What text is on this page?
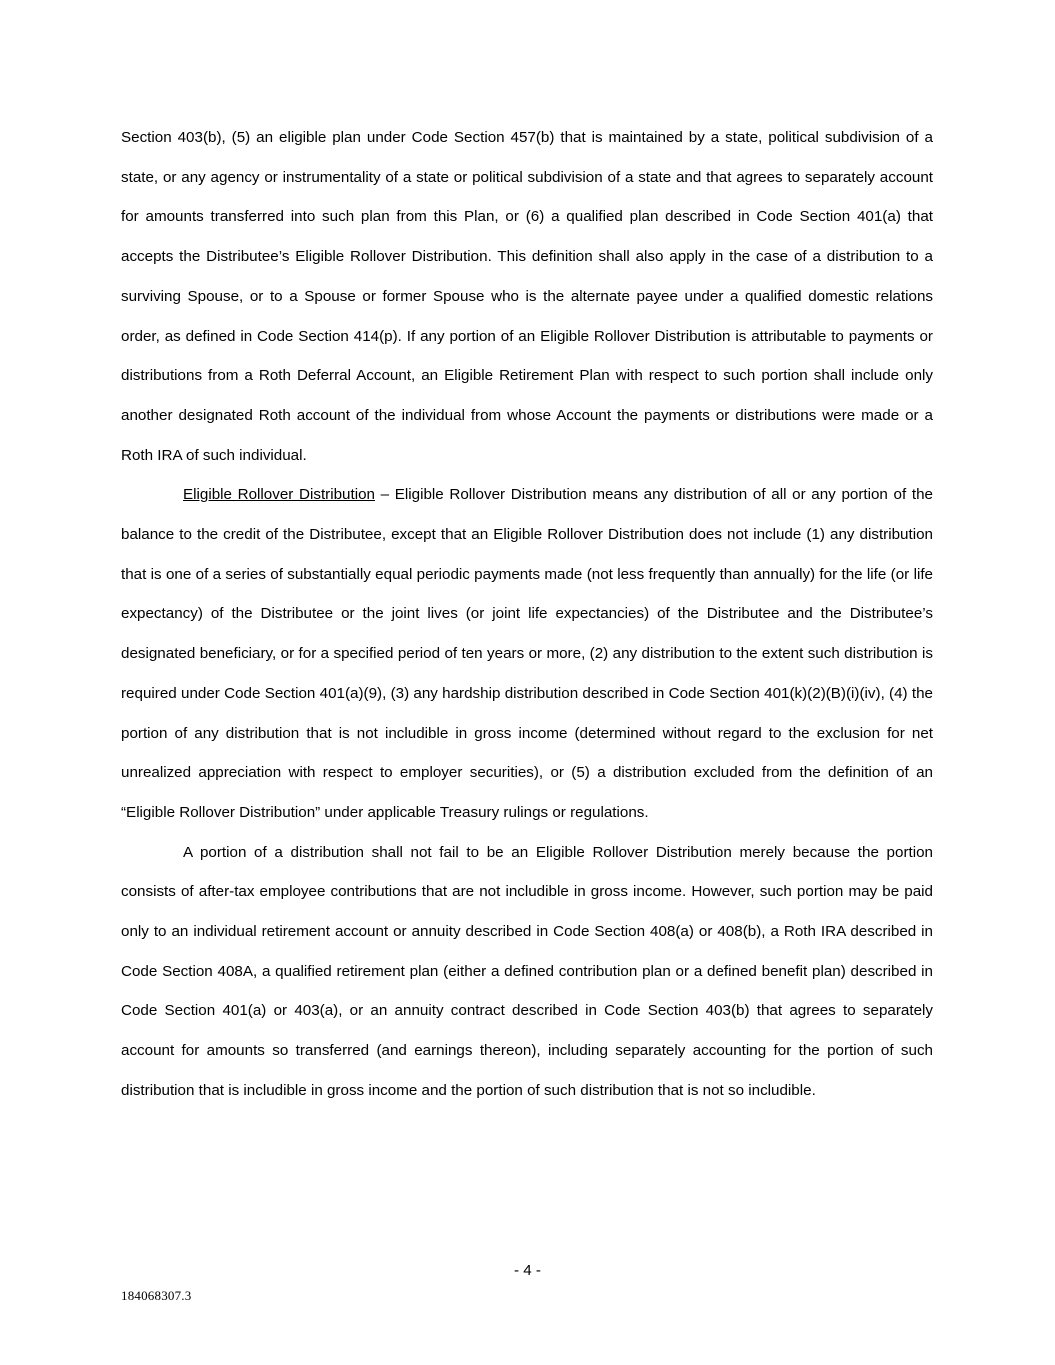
Section 403(b), (5) an eligible plan under Code Section 457(b) that is maintained by a state, political subdivision of a state, or any agency or instrumentality of a state or political subdivision of a state and that agrees to separately account for amounts transferred into such plan from this Plan, or (6) a qualified plan described in Code Section 401(a) that accepts the Distributee’s Eligible Rollover Distribution. This definition shall also apply in the case of a distribution to a surviving Spouse, or to a Spouse or former Spouse who is the alternate payee under a qualified domestic relations order, as defined in Code Section 414(p). If any portion of an Eligible Rollover Distribution is attributable to payments or distributions from a Roth Deferral Account, an Eligible Retirement Plan with respect to such portion shall include only another designated Roth account of the individual from whose Account the payments or distributions were made or a Roth IRA of such individual.

Eligible Rollover Distribution – Eligible Rollover Distribution means any distribution of all or any portion of the balance to the credit of the Distributee, except that an Eligible Rollover Distribution does not include (1) any distribution that is one of a series of substantially equal periodic payments made (not less frequently than annually) for the life (or life expectancy) of the Distributee or the joint lives (or joint life expectancies) of the Distributee and the Distributee’s designated beneficiary, or for a specified period of ten years or more, (2) any distribution to the extent such distribution is required under Code Section 401(a)(9), (3) any hardship distribution described in Code Section 401(k)(2)(B)(i)(iv), (4) the portion of any distribution that is not includible in gross income (determined without regard to the exclusion for net unrealized appreciation with respect to employer securities), or (5) a distribution excluded from the definition of an “Eligible Rollover Distribution” under applicable Treasury rulings or regulations.

A portion of a distribution shall not fail to be an Eligible Rollover Distribution merely because the portion consists of after-tax employee contributions that are not includible in gross income. However, such portion may be paid only to an individual retirement account or annuity described in Code Section 408(a) or 408(b), a Roth IRA described in Code Section 408A, a qualified retirement plan (either a defined contribution plan or a defined benefit plan) described in Code Section 401(a) or 403(a), or an annuity contract described in Code Section 403(b) that agrees to separately account for amounts so transferred (and earnings thereon), including separately accounting for the portion of such distribution that is includible in gross income and the portion of such distribution that is not so includible.

- 4 -
184068307.3
